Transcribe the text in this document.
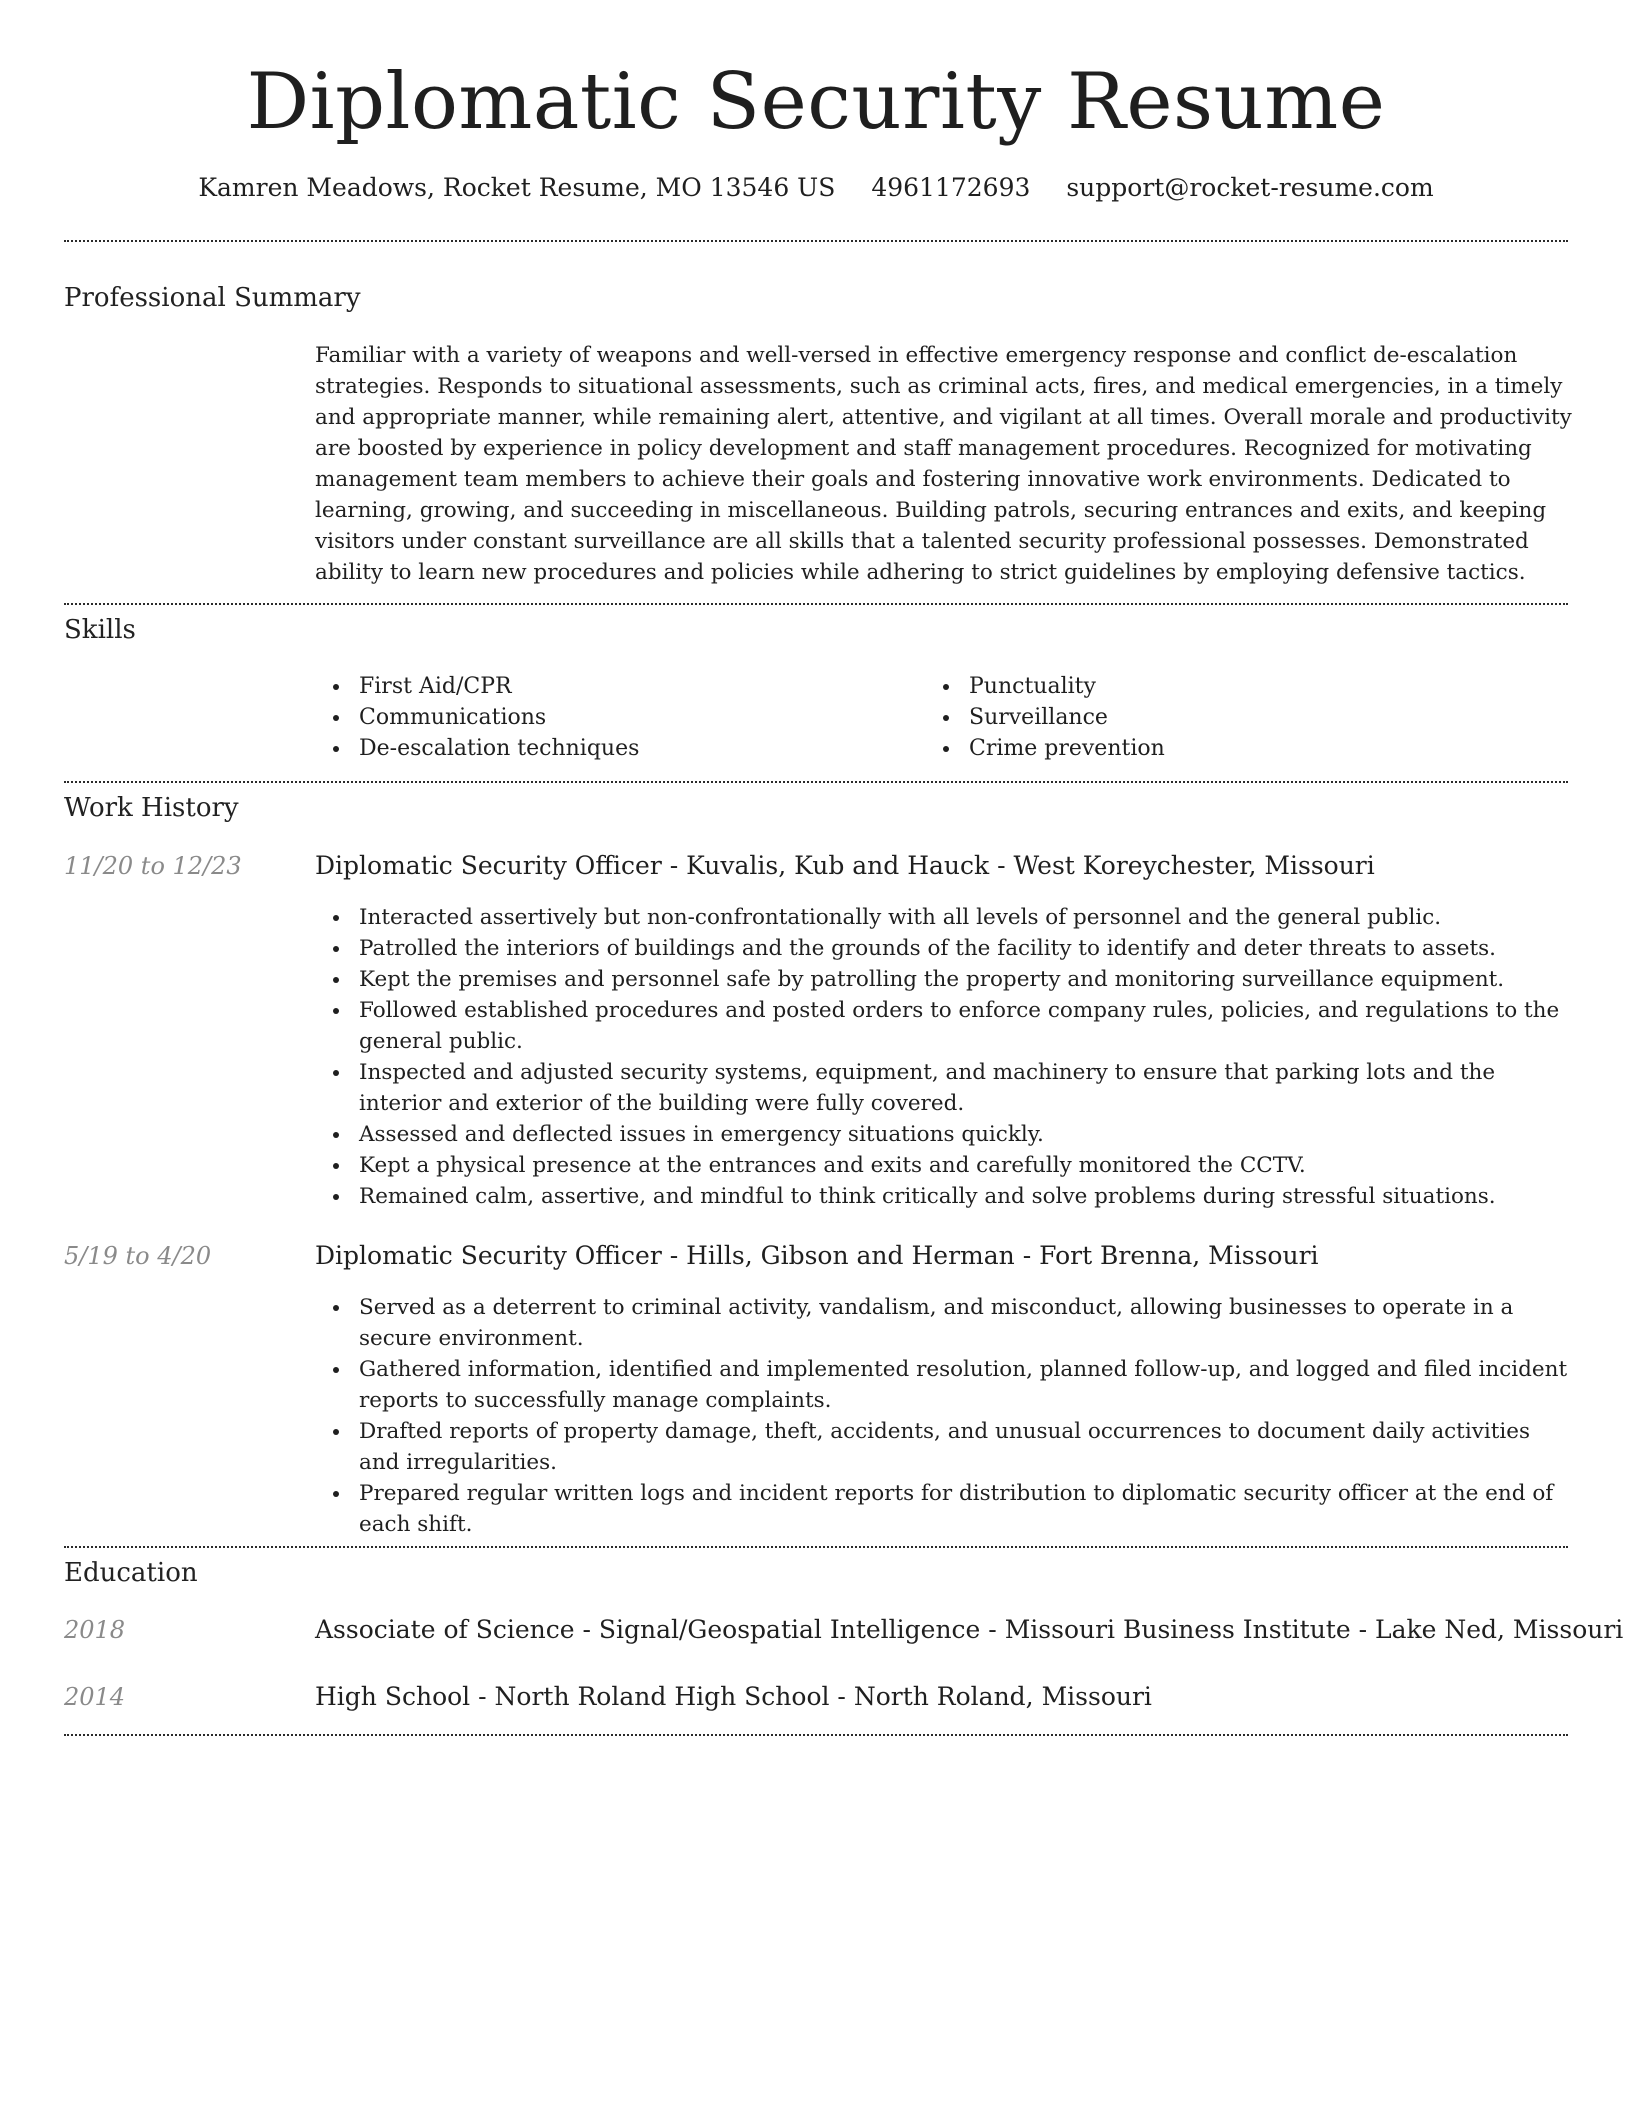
Diplomatic Security Resume
Kamren Meadows, Rocket Resume, MO 13546 US 4961172693 support@rocket-resume.com
Professional Summary

Familiar with a variety of weapons and well-versed in effective emergency response and conflict de-escalation strategies. Responds to situational assessments, such as criminal acts, fires, and medical emergencies, in a timely and appropriate manner, while remaining alert, attentive, and vigilant at all times. Overall morale and productivity are boosted by experience in policy development and staff management procedures. Recognized for motivating management team members to achieve their goals and fostering innovative work environments. Dedicated to learning, growing, and succeeding in miscellaneous. Building patrols, securing entrances and exits, and keeping visitors under constant surveillance are all skills that a talented security professional possesses. Demonstrated ability to learn new procedures and policies while adhering to strict guidelines by employing defensive tactics.

Skills
First Aid/CPR
Communications
De-escalation techniques
Punctuality
Surveillance
Crime prevention
Work History
11/20 to 12/23	Diplomatic Security Officer - Kuvalis, Kub and Hauck - West Koreychester, Missouri
Interacted assertively but non-confrontationally with all levels of personnel and the general public.
Patrolled the interiors of buildings and the grounds of the facility to identify and deter threats to assets.
Kept the premises and personnel safe by patrolling the property and monitoring surveillance equipment.
Followed established procedures and posted orders to enforce company rules, policies, and regulations to the general public.
Inspected and adjusted security systems, equipment, and machinery to ensure that parking lots and the interior and exterior of the building were fully covered.
Assessed and deflected issues in emergency situations quickly.
Kept a physical presence at the entrances and exits and carefully monitored the CCTV.
Remained calm, assertive, and mindful to think critically and solve problems during stressful situations.
5/19 to 4/20	Diplomatic Security Officer - Hills, Gibson and Herman - Fort Brenna, Missouri
Served as a deterrent to criminal activity, vandalism, and misconduct, allowing businesses to operate in a secure environment.
Gathered information, identified and implemented resolution, planned follow-up, and logged and filed incident reports to successfully manage complaints.
Drafted reports of property damage, theft, accidents, and unusual occurrences to document daily activities and irregularities.
Prepared regular written logs and incident reports for distribution to diplomatic security officer at the end of each shift.
Education
2018	Associate of Science - Signal/Geospatial Intelligence - Missouri Business Institute - Lake Ned, Missouri
2014	High School - North Roland High School - North Roland, Missouri
